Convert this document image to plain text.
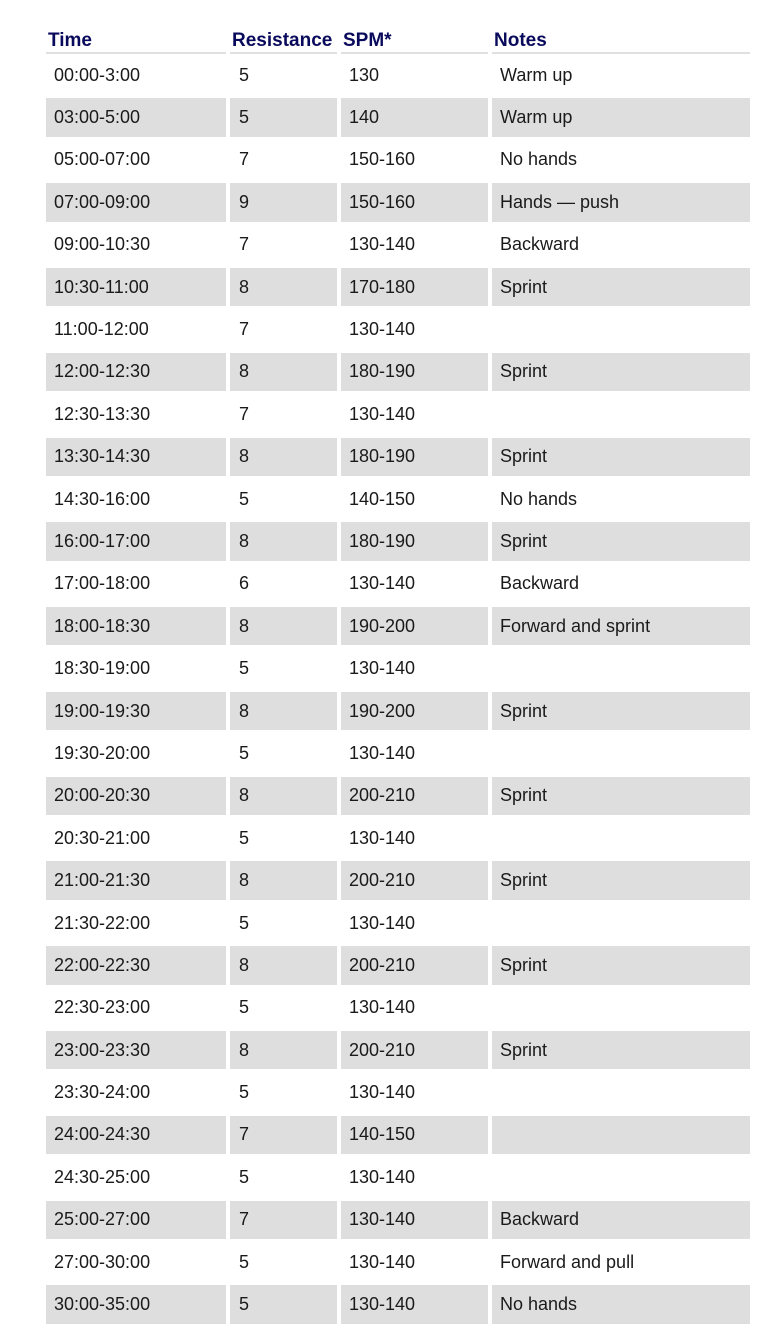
Time	Resistance	SPM*	Notes
00:00-3:00	5	130	Warm up
03:00-5:00	5	140	Warm up
05:00-07:00	7	150-160	No hands
07:00-09:00	9	150-160	Hands — push
09:00-10:30	7	130-140	Backward
10:30-11:00	8	170-180	Sprint
11:00-12:00	7	130-140	
12:00-12:30	8	180-190	Sprint
12:30-13:30	7	130-140	
13:30-14:30	8	180-190	Sprint
14:30-16:00	5	140-150	No hands
16:00-17:00	8	180-190	Sprint
17:00-18:00	6	130-140	Backward
18:00-18:30	8	190-200	Forward and sprint
18:30-19:00	5	130-140	
19:00-19:30	8	190-200	Sprint
19:30-20:00	5	130-140	
20:00-20:30	8	200-210	Sprint
20:30-21:00	5	130-140	
21:00-21:30	8	200-210	Sprint
21:30-22:00	5	130-140	
22:00-22:30	8	200-210	Sprint
22:30-23:00	5	130-140	
23:00-23:30	8	200-210	Sprint
23:30-24:00	5	130-140	
24:00-24:30	7	140-150	
24:30-25:00	5	130-140	
25:00-27:00	7	130-140	Backward
27:00-30:00	5	130-140	Forward and pull
30:00-35:00	5	130-140	No hands
